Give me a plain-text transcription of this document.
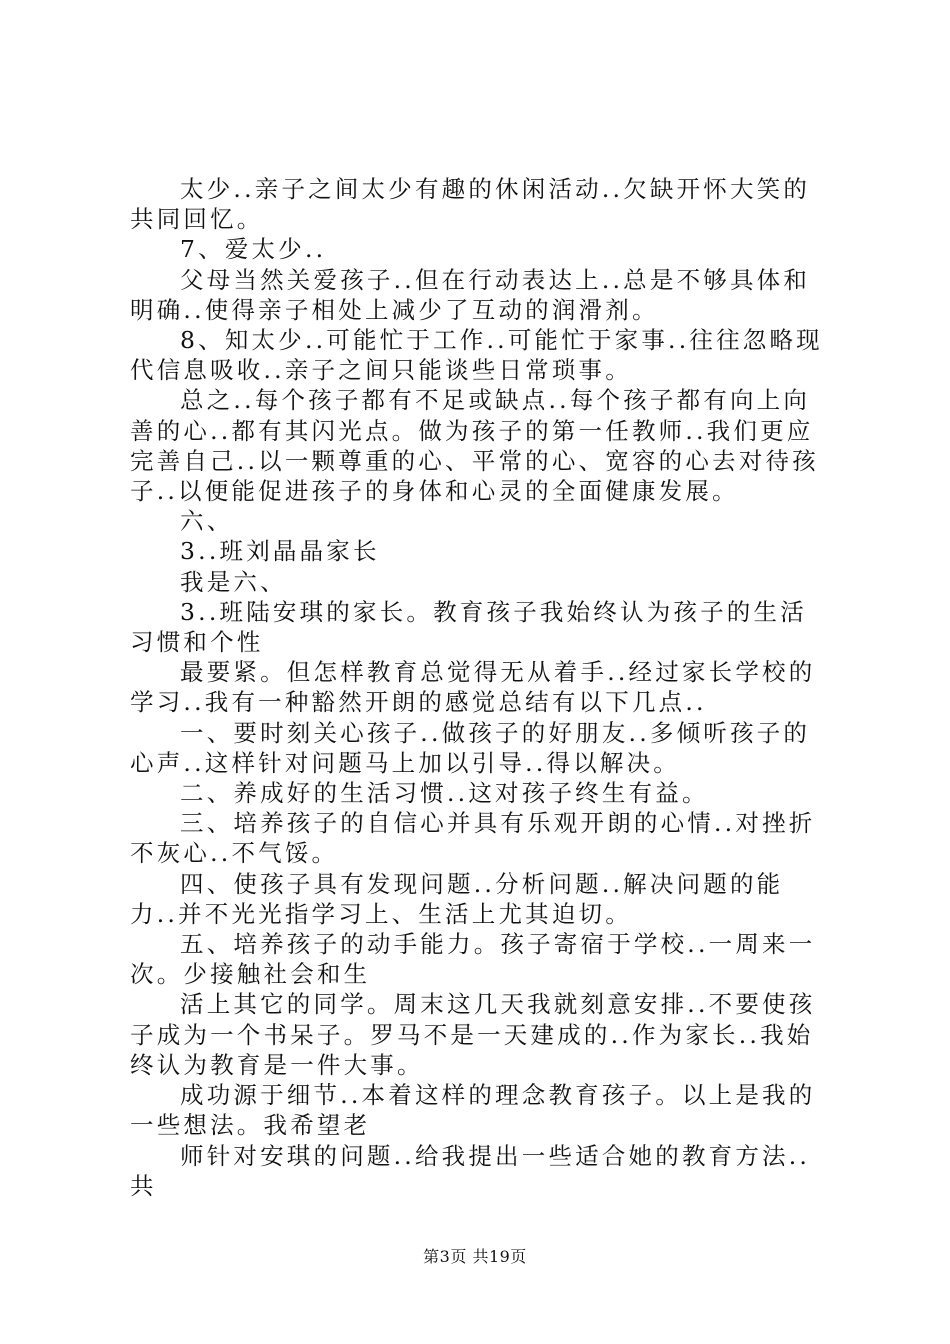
太少..亲子之间太少有趣的休闲活动..欠缺开怀大笑的共同回忆。

7、爱太少..

父母当然关爱孩子..但在行动表达上..总是不够具体和明确..使得亲子相处上减少了互动的润滑剂。

8、知太少..可能忙于工作..可能忙于家事..往往忽略现代信息吸收..亲子之间只能谈些日常琐事。

总之..每个孩子都有不足或缺点..每个孩子都有向上向善的心..都有其闪光点。做为孩子的第一任教师..我们更应完善自己..以一颗尊重的心、平常的心、宽容的心去对待孩子..以便能促进孩子的身体和心灵的全面健康发展。

六、

3..班刘晶晶家长

我是六、

3..班陆安琪的家长。教育孩子我始终认为孩子的生活习惯和个性

最要紧。但怎样教育总觉得无从着手..经过家长学校的学习..我有一种豁然开朗的感觉总结有以下几点..

一、要时刻关心孩子..做孩子的好朋友..多倾听孩子的心声..这样针对问题马上加以引导..得以解决。

二、养成好的生活习惯..这对孩子终生有益。

三、培养孩子的自信心并具有乐观开朗的心情..对挫折不灰心..不气馁。

四、使孩子具有发现问题..分析问题..解决问题的能力..并不光光指学习上、生活上尤其迫切。

五、培养孩子的动手能力。孩子寄宿于学校..一周来一次。少接触社会和生

活上其它的同学。周末这几天我就刻意安排..不要使孩子成为一个书呆子。罗马不是一天建成的..作为家长..我始终认为教育是一件大事。

成功源于细节..本着这样的理念教育孩子。以上是我的一些想法。我希望老

师针对安琪的问题..给我提出一些适合她的教育方法..共

第3页 共19页
